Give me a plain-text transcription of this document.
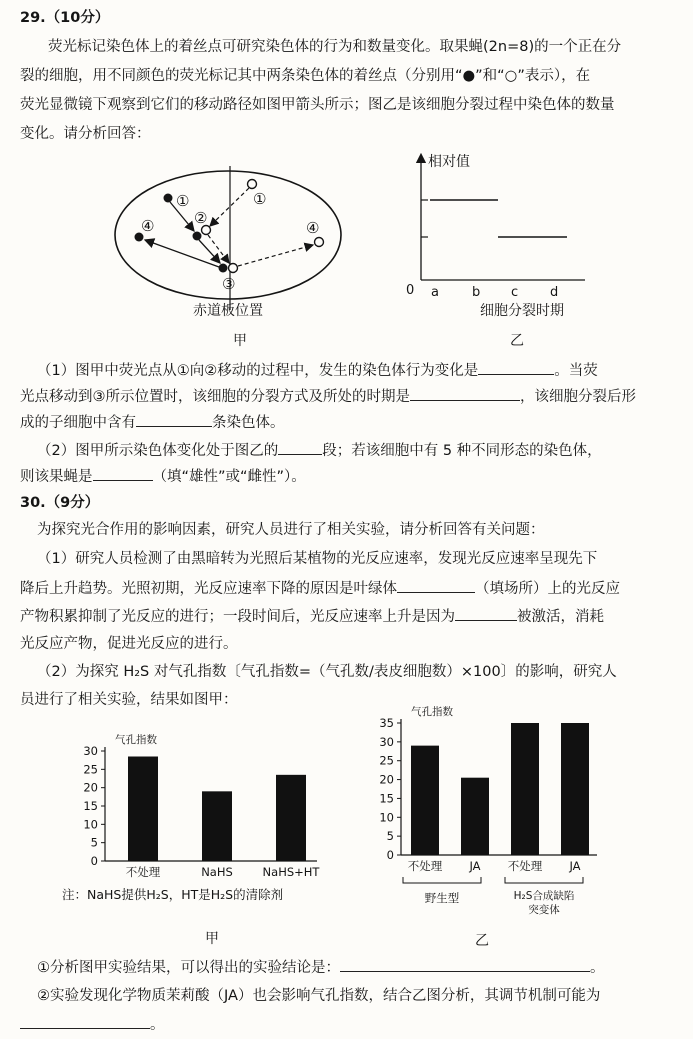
29.（10分）
荧光标记染色体上的着丝点可研究染色体的行为和数量变化。取果蝇(2n=8)的一个正在分
裂的细胞，用不同颜色的荧光标记其中两条染色体的着丝点（分别用“●”和“○”表示），在
荧光显微镜下观察到它们的移动路径如图甲箭头所示；图乙是该细胞分裂过程中染色体的数量
变化。请分析回答：
①	①
②
③
④	④
赤道板位置
甲
相对值
0 a	b c d
细胞分裂时期
乙
（1）图甲中荧光点从①向②移动的过程中，发生的染色体行为变化是	。当荧
光点移动到③所示位置时，该细胞的分裂方式及所处的时期是	，该细胞分裂后形
成的子细胞中含有	条染色体。
（2）图甲所示染色体变化处于图乙的	段；若该细胞中有 5 种不同形态的染色体，
则该果蝇是	（填“雄性”或“雌性”）。
30.（9分）
为探究光合作用的影响因素，研究人员进行了相关实验，请分析回答有关问题：
（1）研究人员检测了由黑暗转为光照后某植物的光反应速率，发现光反应速率呈现先下
降后上升趋势。光照初期，光反应速率下降的原因是叶绿体	（填场所）上的光反应
产物积累抑制了光反应的进行；一段时间后，光反应速率上升是因为	被激活，消耗
光反应产物，促进光反应的进行。
（2）为探究 H₂S 对气孔指数〔气孔指数=（气孔数/表皮细胞数）×100〕的影响，研究人
员进行了相关实验，结果如图甲：
0
5
10
15
20
25
30
气孔指数
不处理	NaHS	NaHS+HT
注：NaHS提供H₂S，HT是H₂S的清除剂
甲
0
5
10
15
20
25
30
35
气孔指数
不处理 JA 不处理 JA
野生型	H₂S合成缺陷
突变体
乙
①分析图甲实验结果，可以得出的实验结论是：	。
②实验发现化学物质茉莉酸（JA）也会影响气孔指数，结合乙图分析，其调节机制可能为
。
